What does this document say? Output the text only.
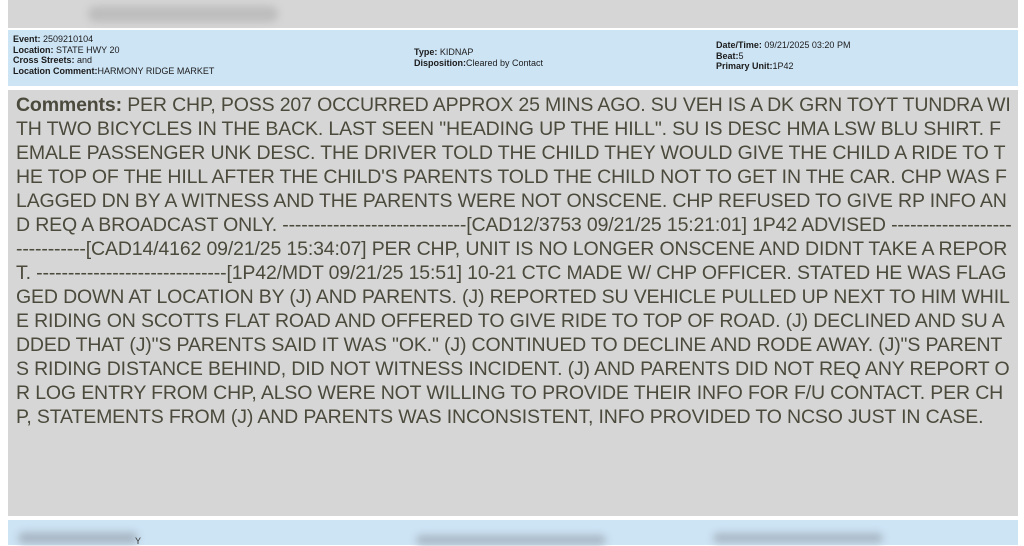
Event: 2509210104
Location: STATE HWY 20
Cross Streets: and
Location Comment:HARMONY RIDGE MARKET
Type: KIDNAP
Disposition:Cleared by Contact
Date/Time: 09/21/2025 03:20 PM
Beat:5
Primary Unit:1P42
Comments: PER CHP, POSS 207 OCCURRED APPROX 25 MINS AGO. SU VEH IS A DK GRN TOYT TUNDRA WITH TWO BICYCLES IN THE BACK. LAST SEEN "HEADING UP THE HILL". SU IS DESC HMA LSW BLU SHIRT. FEMALE PASSENGER UNK DESC. THE DRIVER TOLD THE CHILD THEY WOULD GIVE THE CHILD A RIDE TO THE TOP OF THE HILL AFTER THE CHILD'S PARENTS TOLD THE CHILD NOT TO GET IN THE CAR. CHP WAS FLAGGED DN BY A WITNESS AND THE PARENTS WERE NOT ONSCENE. CHP REFUSED TO GIVE RP INFO AND REQ A BROADCAST ONLY. -----------------------------[CAD12/3753 09/21/25 15:21:01] 1P42 ADVISED ------------------------------[CAD14/4162 09/21/25 15:34:07] PER CHP, UNIT IS NO LONGER ONSCENE AND DIDNT TAKE A REPORT. ------------------------------[1P42/MDT 09/21/25 15:51] 10-21 CTC MADE W/ CHP OFFICER. STATED HE WAS FLAGGED DOWN AT LOCATION BY (J) AND PARENTS. (J) REPORTED SU VEHICLE PULLED UP NEXT TO HIM WHILE RIDING ON SCOTTS FLAT ROAD AND OFFERED TO GIVE RIDE TO TOP OF ROAD. (J) DECLINED AND SU ADDED THAT (J)"S PARENTS SAID IT WAS "OK." (J) CONTINUED TO DECLINE AND RODE AWAY. (J)"S PARENTS RIDING DISTANCE BEHIND, DID NOT WITNESS INCIDENT. (J) AND PARENTS DID NOT REQ ANY REPORT OR LOG ENTRY FROM CHP, ALSO WERE NOT WILLING TO PROVIDE THEIR INFO FOR F/U CONTACT. PER CHP, STATEMENTS FROM (J) AND PARENTS WAS INCONSISTENT, INFO PROVIDED TO NCSO JUST IN CASE.
Y
